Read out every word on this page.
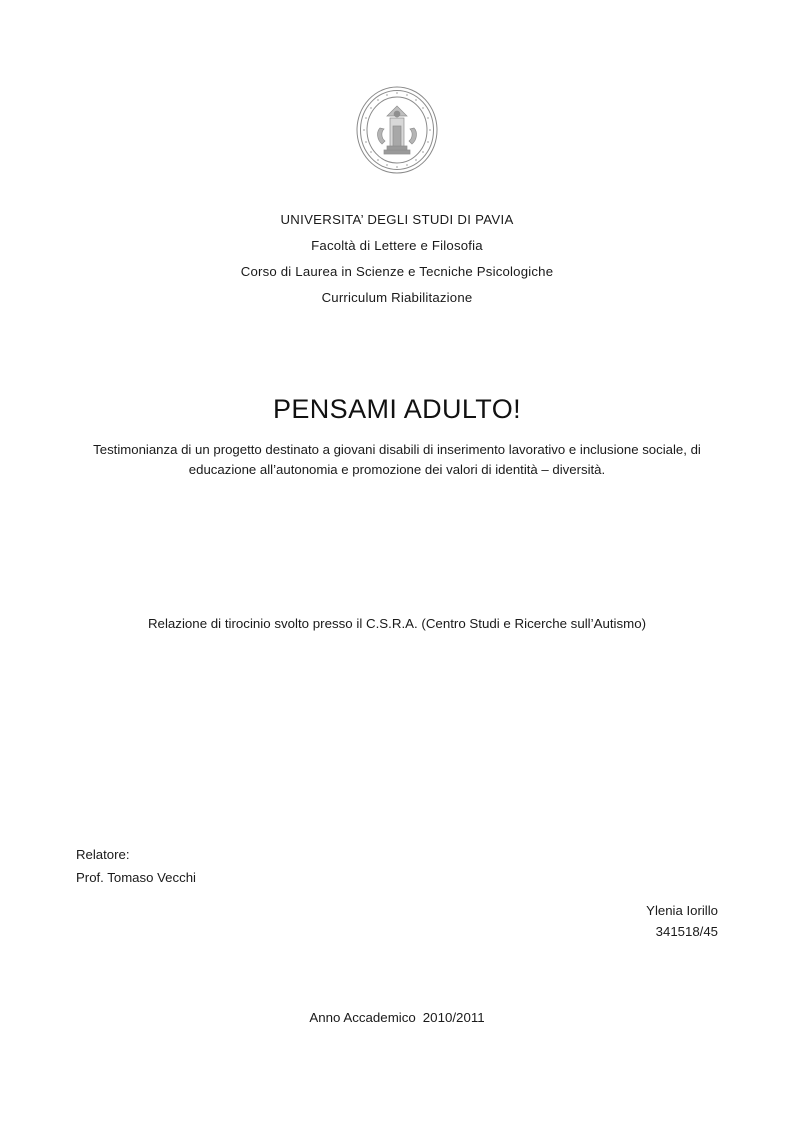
UNIVERSITA’ DEGLI STUDI DI PAVIA
Facoltà di Lettere e Filosofia
Corso di Laurea in Scienze e Tecniche Psicologiche
Curriculum Riabilitazione
PENSAMI ADULTO!
Testimonianza di un progetto destinato a giovani disabili di inserimento lavorativo e inclusione sociale, di educazione all’autonomia e promozione dei valori di identità – diversità.
Relazione di tirocinio svolto presso il C.S.R.A. (Centro Studi e Ricerche sull’Autismo)
Relatore:
Prof. Tomaso Vecchi
Ylenia Iorillo
341518/45
Anno Accademico 2010/2011
